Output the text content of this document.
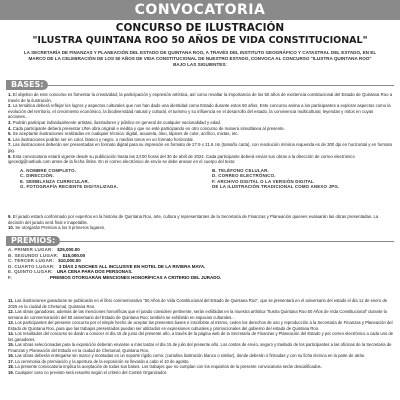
CONVOCATORIA
CONCURSO DE ILUSTRACIÓN
"ILUSTRA QUINTANA ROO 50 AÑOS DE VIDA CONSTITUCIONAL"
LA SECRETARÍA DE FINANZAS Y PLANEACIÓN DEL ESTADO DE QUINTANA ROO, A TRAVÉS DEL INSTITUTO GEOGRÁFICO Y CATASTRAL DEL ESTADO, EN EL MARCO DE LA CELEBRACIÓN DE LOS 50 AÑOS DE VIDA CONSTITUCIONAL DE NUESTRO ESTADO, CONVOCA AL CONCURSO "ILUSTRA QUINTANA ROO" BAJO LAS SIGUIENTES:
BASES:
1. El objetivo de este concurso es fomentar la creatividad, la participación y expresión artística, así como resaltar la importancia de los 50 años de existencia constitucional del Estado de Quintana Roo a través de la ilustración.
2. La temática deberá reflejar los logros y aspectos culturales que nos han dado una identidad como Estado durante estos 50 años. Este concurso anima a los participantes a explorar aspectos como la evolución del territorio, el crecimiento económico, la biodiversidad natural y cultural, el turismo y su influencia en el desarrollo del estado, la convivencia multicultural, leyendas y mitos en cuyas acciones...
3. Podrán participar individualmente artistas, ilustradores y público en general de cualquier nacionalidad y edad.
4. Cada participante deberá presentar UNA obra original e inédita y que no esté participando en otro concurso de manera simultánea al presente.
5. Se aceptarán ilustraciones realizadas en cualquier técnica: digital, acuarela, óleo, lápices de color, acrílico, mixtas, etc.
6. Las ilustraciones podrán ser en color, blanco y negro, o medios tonos en un formato horizontal.
7. Las ilustraciones deberán ser presentadas en formato digital para su impresión en formato de 27.9 x 21.6 cm (tamaño carta), con resolución mínima requerida es de 300 dpi en horizontal y en formato jpg.
8. Esta convocatoria estará vigente desde su publicación hasta las 24:00 horas del 30 de abril de 2024. Cada participante deberá enviar sus obras a la dirección de correo electrónico igecedg@outlook.com antes de la fecha límite. En el correo electrónico de envío se debe anexar en el cuerpo del texto:
A. NOMBRE COMPLETO.	B. TELÉFONO CELULAR.
C. DIRECCIÓN.	D. CORREO ELECTRÓNICO.
E. SEMBLANZA CURRICULAR.	F. ARCHIVO DIGITAL O LA VERSIÓN DIGITAL
G. FOTOGRAFÍA RECIENTE DIGITALIZADA.	DE LA ILUSTRACIÓN TRADICIONAL COMO ANEXO JPG.
9. El jurado estará conformado por expertos en la historia de Quintana Roo, arte, cultura y representantes de la Secretaría de Finanzas y Planeación quienes evaluarán las obras presentadas. La decisión del jurado será final e inapelable.
10. Se otorgarán Premios a los 5 primeros lugares.
PREMIOS:
A. PRIMER LUGAR: $25,000.00
B. SEGUNDO LUGAR: $15,000.00
C. TERCER LUGAR: $10,000.00
D. CUARTO LUGAR: 3 DÍAS 2 NOCHES ALL INCLUSIVE EN HOTEL DE LA RIVIERA MAYA.
E. QUINTO LUGAR: UNA CENA PARA DOS PERSONAS.
F.	PREMIOS OTORGARÁN MENCIONES HONORÍFICAS A CRITERIO DEL JURADO.
11. Las ilustraciones ganadoras se publicarán en el libro conmemorativo "50 Años de Vida Constitucional del Estado de Quintana Roo", que se presentará en el aniversario del estado el día 12 de enero de 2025 en la ciudad de Chetumal, Quintana Roo.
12. Las obras ganadoras, además de las menciones honoríficas que el jurado considere pertinente, serán exhibidas en la muestra artística "Ilustra Quintana Roo 50 Años de Vida Constitucional" durante la semana de conmemoración del 50 aniversario del Estado de Quintana Roo; también se exhibirán en espacios culturales...
13. Los participantes del presente concurso por el simple hecho de aceptar las presentes bases e inscribirse al mismo, ceden los derechos de uso y reproducción a la Secretaría de Finanzas y Planeación del Estado de Quintana Roo, para que las trabajos presentados puedan ser utilizados en expresiones culturales y promocionales del gobierno del estado de Quintana Roo.
14. Los resultados del concurso se darán a conocer el día 15 de junio del presente año, a través de la página web de la Secretaría de Finanzas y Planeación del Estado y por correo electrónico a cada uno de los ganadores.
15. Las obras seleccionadas para la exposición deberán enviarse a más tardar el día 15 de julio del presente año. Los costos de envío, seguro y traslado de los participantes a las oficinas de la Secretaría de Finanzas y Planeación del Estado en la ciudad de Chetumal, Quintana Roo.
16. Las obras deberán entregarse sin marco y montadas en un soporte rígido como: (cartulina ilustración blanco o similar), donde deberán ir firmadas y con su ficha técnica en la parte de atrás.
17. La ceremonia de premiación y la apertura de la exposición se llevarán a cabo el 10 de agosto.
18. La presente convocatoria implica la aceptación de todas sus bases. Los trabajos que no cumplan con los requisitos de la presente convocatoria serán descalificados.
19. Cualquier caso no previsto será resuelto según el criterio del Comité Organizador.
